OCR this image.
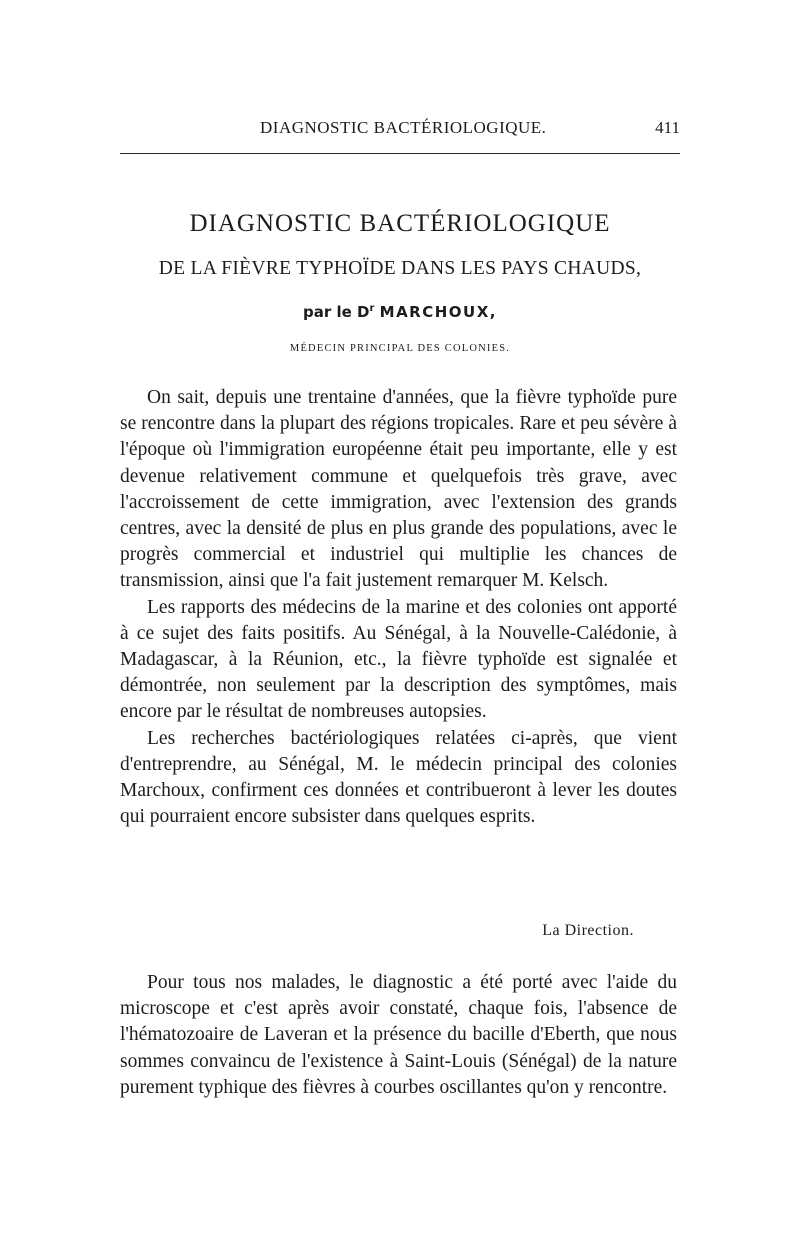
DIAGNOSTIC BACTÉRIOLOGIQUE.	411
DIAGNOSTIC BACTÉRIOLOGIQUE
DE LA FIÈVRE TYPHOÏDE DANS LES PAYS CHAUDS,
par le $D^r$ MARCHOUX,
MÉDECIN PRINCIPAL DES COLONIES.

On sait, depuis une trentaine d'années, que la fièvre typhoïde pure se rencontre dans la plupart des régions tropicales. Rare et peu sévère à l'époque où l'immigration européenne était peu importante, elle y est devenue relativement commune et quelquefois très grave, avec l'accroissement de cette immigration, avec l'extension des grands centres, avec la densité de plus en plus grande des populations, avec le progrès commercial et industriel qui multiplie les chances de transmission, ainsi que l'a fait justement remarquer M. Kelsch.

Les rapports des médecins de la marine et des colonies ont apporté à ce sujet des faits positifs. Au Sénégal, à la Nouvelle-Calédonie, à Madagascar, à la Réunion, etc., la fièvre typhoïde est signalée et démontrée, non seulement par la description des symptômes, mais encore par le résultat de nombreuses autopsies.

Les recherches bactériologiques relatées ci-après, que vient d'entreprendre, au Sénégal, M. le médecin principal des colonies Marchoux, confirment ces données et contribueront à lever les doutes qui pourraient encore subsister dans quelques esprits.

La Direction.

Pour tous nos malades, le diagnostic a été porté avec l'aide du microscope et c'est après avoir constaté, chaque fois, l'absence de l'hématozoaire de Laveran et la présence du bacille d'Eberth, que nous sommes convaincu de l'existence à Saint-Louis (Sénégal) de la nature purement typhique des fièvres à courbes oscillantes qu'on y rencontre.
